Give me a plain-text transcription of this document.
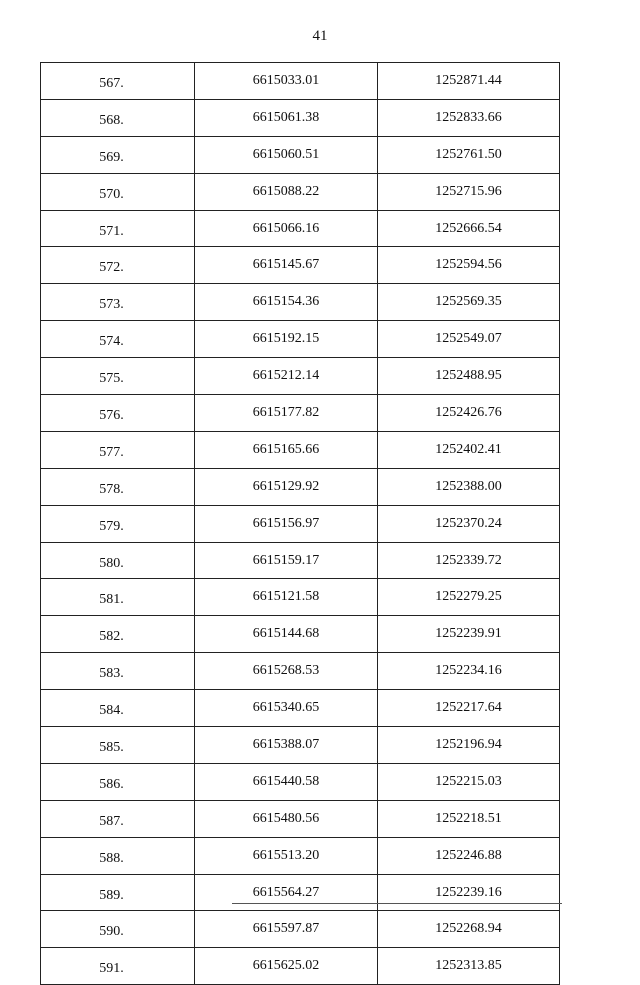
41
567.	6615033.01	1252871.44
568.	6615061.38	1252833.66
569.	6615060.51	1252761.50
570.	6615088.22	1252715.96
571.	6615066.16	1252666.54
572.	6615145.67	1252594.56
573.	6615154.36	1252569.35
574.	6615192.15	1252549.07
575.	6615212.14	1252488.95
576.	6615177.82	1252426.76
577.	6615165.66	1252402.41
578.	6615129.92	1252388.00
579.	6615156.97	1252370.24
580.	6615159.17	1252339.72
581.	6615121.58	1252279.25
582.	6615144.68	1252239.91
583.	6615268.53	1252234.16
584.	6615340.65	1252217.64
585.	6615388.07	1252196.94
586.	6615440.58	1252215.03
587.	6615480.56	1252218.51
588.	6615513.20	1252246.88
589.	6615564.27	1252239.16
590.	6615597.87	1252268.94
591.	6615625.02	1252313.85
